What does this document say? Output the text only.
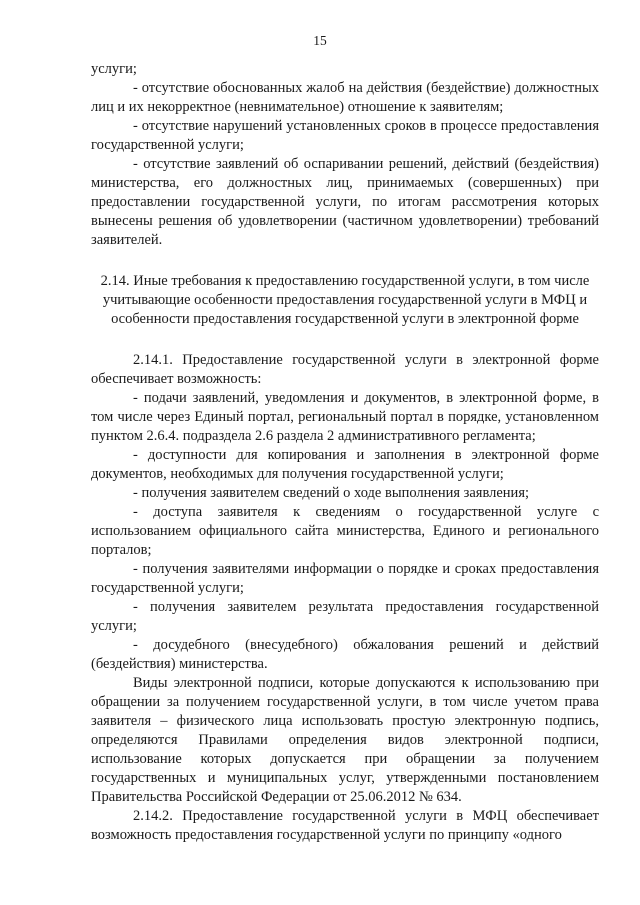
15

услуги;

- отсутствие обоснованных жалоб на действия (бездействие) должностных лиц и их некорректное (невнимательное) отношение к заявителям;

- отсутствие нарушений установленных сроков в процессе предоставления государственной услуги;

- отсутствие заявлений об оспаривании решений, действий (бездействия) министерства, его должностных лиц, принимаемых (совершенных) при предоставлении государственной услуги, по итогам рассмотрения которых вынесены решения об удовлетворении (частичном удовлетворении) требований заявителей.

2.14. Иные требования к предоставлению государственной услуги, в том числе учитывающие особенности предоставления государственной услуги в МФЦ и особенности предоставления государственной услуги в электронной форме

2.14.1. Предоставление государственной услуги в электронной форме обеспечивает возможность:

- подачи заявлений, уведомления и документов, в электронной форме, в том числе через Единый портал, региональный портал в порядке, установленном пунктом 2.6.4. подраздела 2.6 раздела 2 административного регламента;

- доступности для копирования и заполнения в электронной форме документов, необходимых для получения государственной услуги;

- получения заявителем сведений о ходе выполнения заявления;

- доступа заявителя к сведениям о государственной услуге с использованием официального сайта министерства, Единого и регионального порталов;

- получения заявителями информации о порядке и сроках предоставления государственной услуги;

- получения заявителем результата предоставления государственной услуги;

- досудебного (внесудебного) обжалования решений и действий (бездействия) министерства.

Виды электронной подписи, которые допускаются к использованию при обращении за получением государственной услуги, в том числе учетом права заявителя – физического лица использовать простую электронную подпись, определяются Правилами определения видов электронной подписи, использование которых допускается при обращении за получением государственных и муниципальных услуг, утвержденными постановлением Правительства Российской Федерации от 25.06.2012 № 634.

2.14.2. Предоставление государственной услуги в МФЦ обеспечивает возможность предоставления государственной услуги по принципу «одного
